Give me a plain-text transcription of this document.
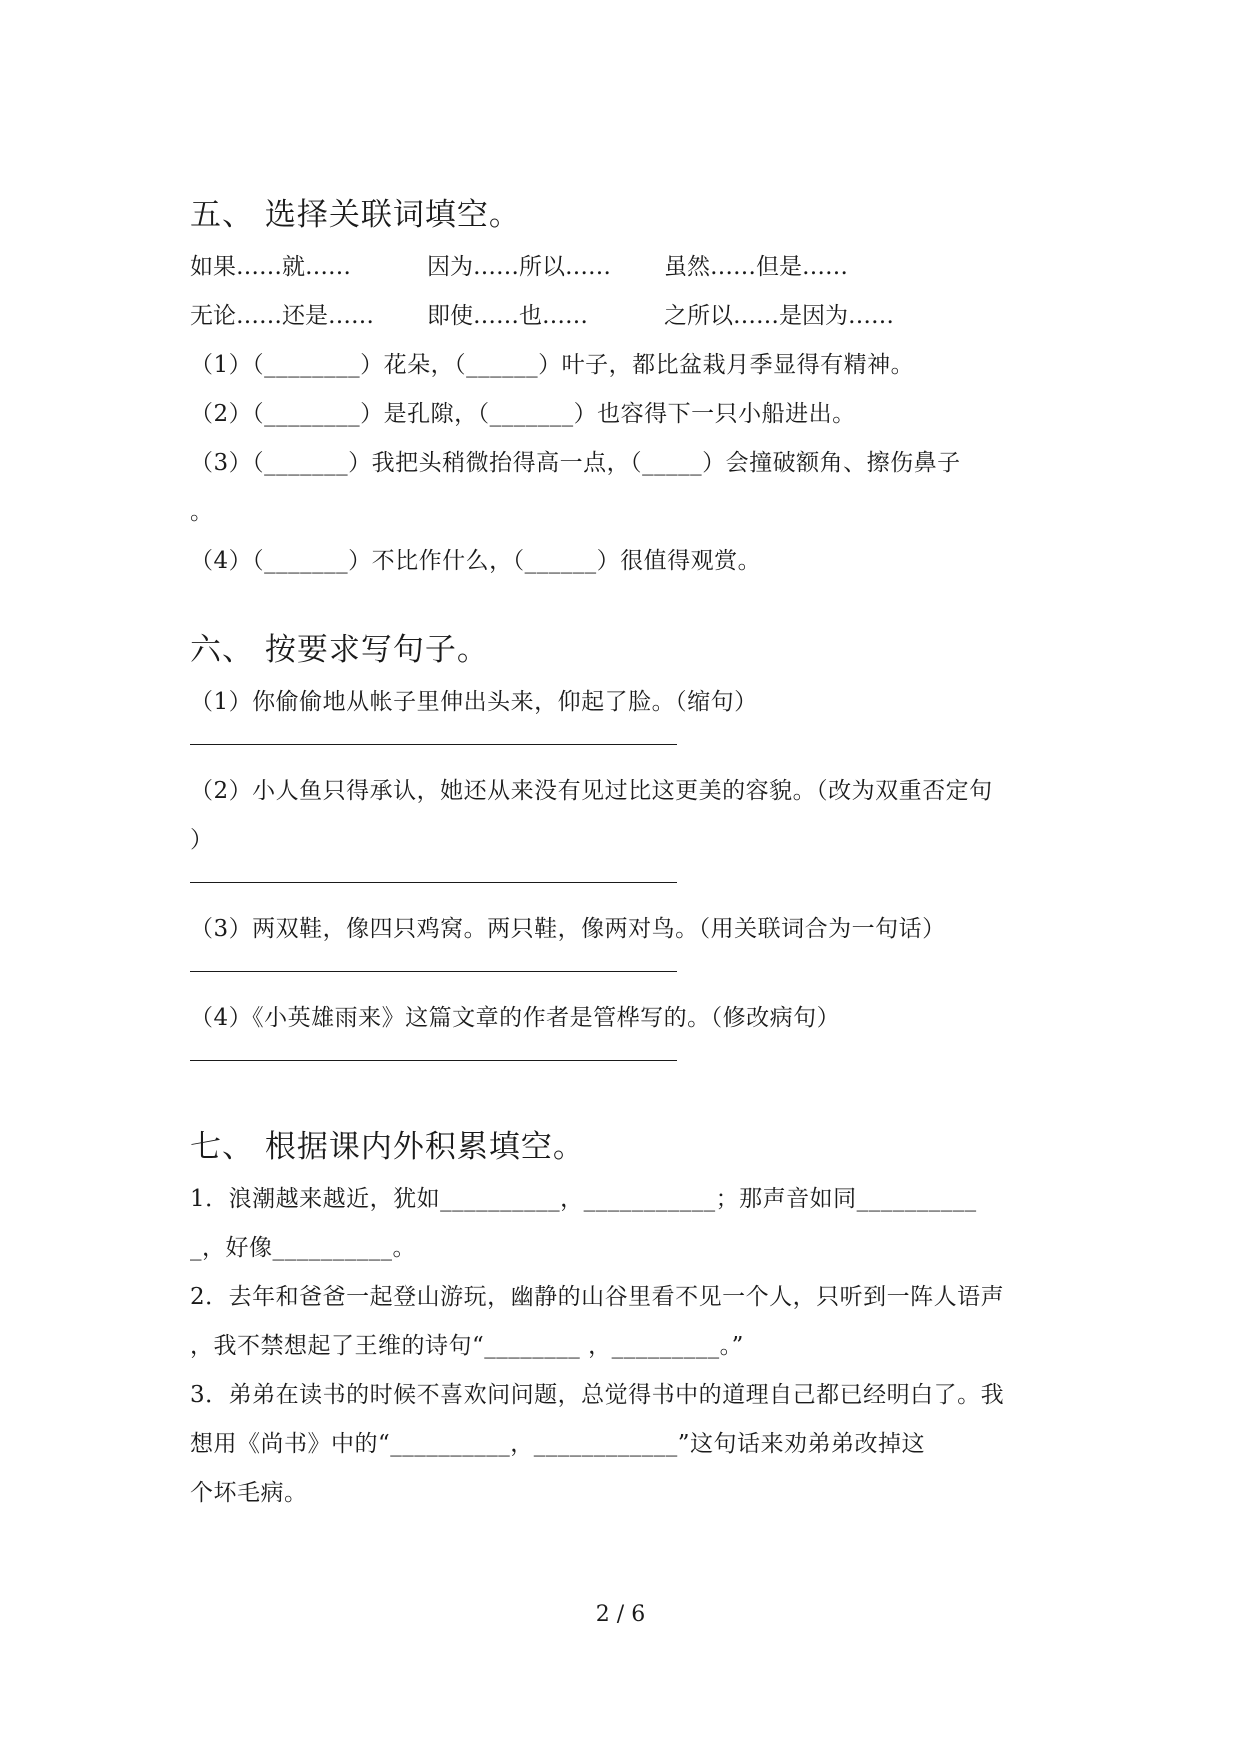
五、 选择关联词填空。
如果……就……	因为……所以……	虽然……但是……
无论……还是……	即使……也……	之所以……是因为……
（1）（________）花朵，（______）叶子，都比盆栽月季显得有精神。
（2）（________）是孔隙，（_______）也容得下一只小船进出。
（3）（_______）我把头稍微抬得高一点，（_____）会撞破额角、擦伤鼻子
。
（4）（_______）不比作什么，（______）很值得观赏。
六、 按要求写句子。
（1）你偷偷地从帐子里伸出头来，仰起了脸。（缩句）
（2）小人鱼只得承认，她还从来没有见过比这更美的容貌。（改为双重否定句
）
（3）两双鞋，像四只鸡窝。两只鞋，像两对鸟。（用关联词合为一句话）
（4）《小英雄雨来》这篇文章的作者是管桦写的。（修改病句）
七、 根据课内外积累填空。
1．浪潮越来越近，犹如__________，___________；那声音如同__________
_，好像__________。
2．去年和爸爸一起登山游玩，幽静的山谷里看不见一个人，只听到一阵人语声
，我不禁想起了王维的诗句“________ ，_________。”
3．弟弟在读书的时候不喜欢问问题，总觉得书中的道理自己都已经明白了。我
想用《尚书》中的“__________，____________”这句话来劝弟弟改掉这
个坏毛病。
2 / 6
